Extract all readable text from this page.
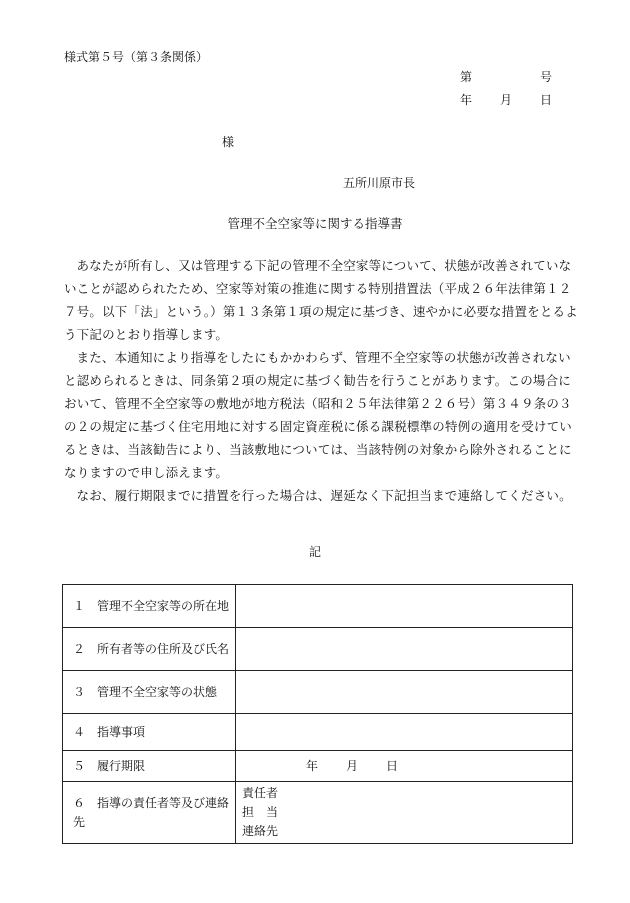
様式第５号（第３条関係）
第	号
年 月 日
様
五所川原市長
管理不全空家等に関する指導書

あなたが所有し、又は管理する下記の管理不全空家等について、状態が改善されていないことが認められたため、空家等対策の推進に関する特別措置法（平成２６年法律第１２７号。以下「法」という。）第１３条第１項の規定に基づき、速やかに必要な措置をとるよう下記のとおり指導します。

また、本通知により指導をしたにもかかわらず、管理不全空家等の状態が改善されないと認められるときは、同条第２項の規定に基づく勧告を行うことがあります。この場合において、管理不全空家等の敷地が地方税法（昭和２５年法律第２２６号）第３４９条の３の２の規定に基づく住宅用地に対する固定資産税に係る課税標準の特例の適用を受けているときは、当該勧告により、当該敷地については、当該特例の対象から除外されることになりますので申し添えます。

なお、履行期限までに措置を行った場合は、遅延なく下記担当まで連絡してください。

記
１ 管理不全空家等の所在地	

２ 所有者等の住所及び氏名	

３ 管理不全空家等の状態	

４ 指導事項	

５ 履行期限	年 月 日

６ 指導の責任者等及び連絡先	責任者
担　当
連絡先
